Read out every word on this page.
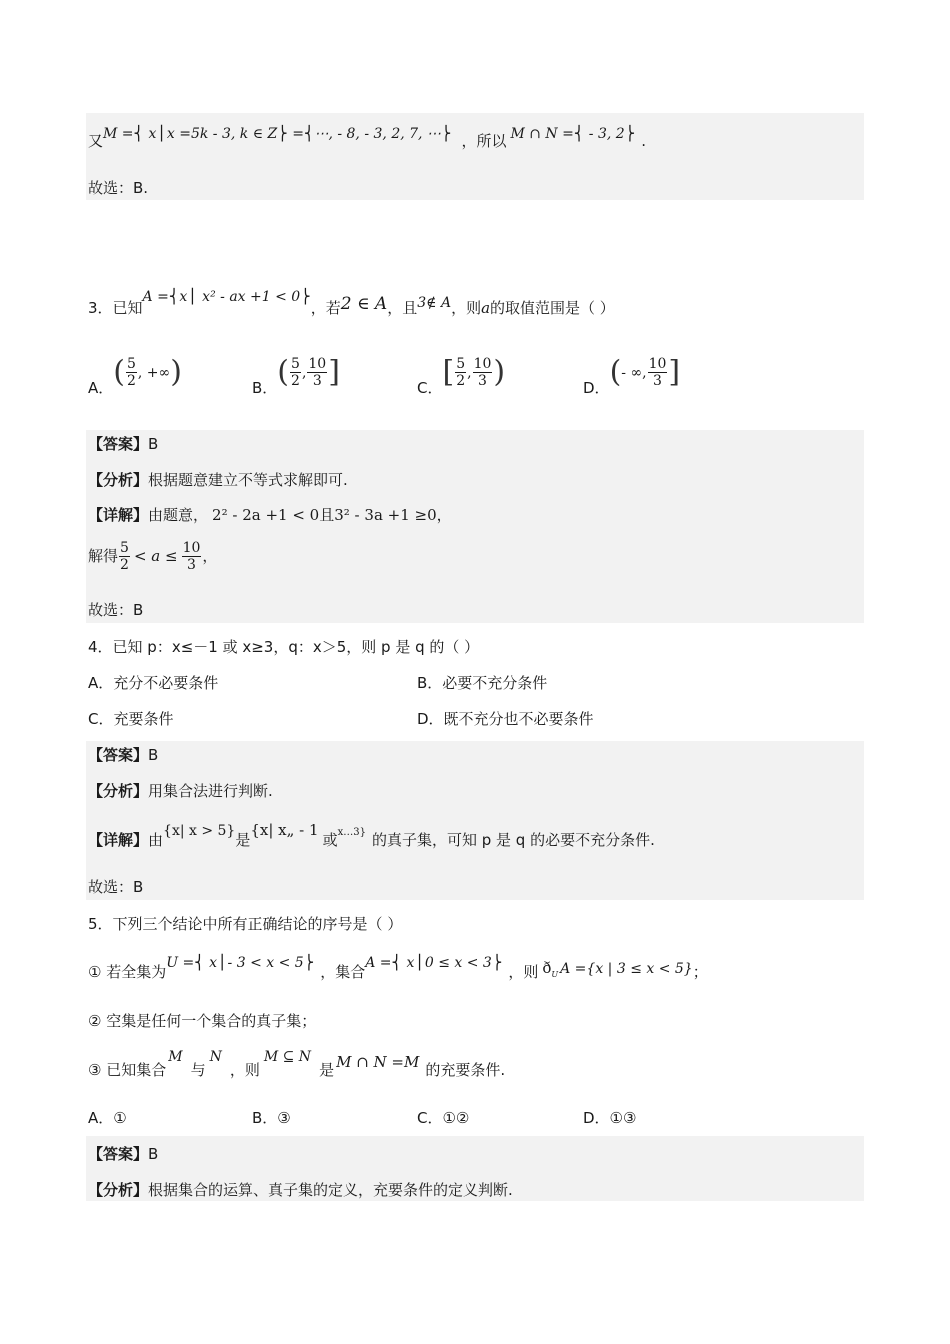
又M =⎨ x⎪x =5k - 3, k ∈ Z⎬ =⎨⋯, - 8, - 3, 2, 7, ⋯⎬ ，所以 M ∩ N =⎨ - 3, 2⎬ .
故选：B.
3．已知A =⎨x⎪ x² - ax +1 < 0⎬，若2 ∈ A，且3∉ A，则a的取值范围是（ ）
A．( $\frac{5}{2}$ , +∞)	B．( $\frac{5}{2}$ , $\frac{10}{3}$ ]	C．[ $\frac{5}{2}$ , $\frac{10}{3}$ )	D．(- ∞, $\frac{10}{3}$ ]
【答案】B
【分析】根据题意建立不等式求解即可.
【详解】由题意， 2² - 2a +1 < 0且3² - 3a +1 ≥0，
解得 $\frac{5}{2} < a \le \frac{10}{3}$ ，
故选：B
4．已知 p：x≤－1 或 x≥3，q：x＞5，则 p 是 q 的（ ）
A．充分不必要条件	B．必要不充分条件
C．充要条件	D．既不充分也不必要条件
【答案】B
【分析】用集合法进行判断.
【详解】由{x| x > 5}是{x| x„ - 1或$^{x\dots 3\}}$ 的真子集，可知 p 是 q 的必要不充分条件.
故选：B
5．下列三个结论中所有正确结论的序号是（ ）
① 若全集为U =⎨ x⎪- 3 < x < 5⎬ ，集合A =⎨ x⎪0 ≤ x < 3⎬ ，则 ðU A ={x | 3 ≤ x < 5}；
② 空集是任何一个集合的真子集；
③ 已知集合M与N，则M ⊆ N是 M ∩ N =M 的充要条件.
A．①	B．③	C．①②	D．①③
【答案】B
【分析】根据集合的运算、真子集的定义，充要条件的定义判断.
